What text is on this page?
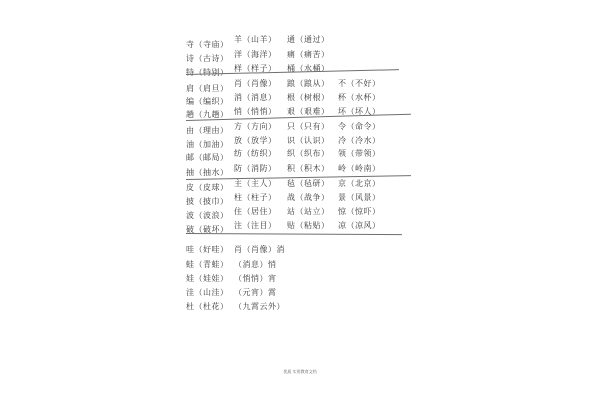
寺（寺庙）
诗（古诗）
特（特别）
肩（肩旦）
编（编织）
趟（九趟）
由（理由）
油（加油）
邮（邮局）
抽（抽水）
皮（皮球）
披（披巾）
波（波浪）
破（破坏）
羊（山羊）
洋（海洋）
样（样子）
肖（肖像）
消（消息）
悄（悄悄）
方（方向）
放（放学）
纺（纺织）
防（消防）
主（主人）
柱（柱子）
住（居住）
注（注目）
通（通过）
痛（痛苦）
桶（水桶）
踉（踉从）
根（树根）
艰（艰难）
只（只有）
识（认识）
织（织布）
积（积木）
毡（毡研）
战（战争）
站（站立）
贴（粘贴）
不（不好）
杯（水杯）
坏（坏人）
令（命令）
冷（冷水）
领（带领）
岭（岭南）
京（北京）
景（风景）
惊（惊吓）
凉（凉风）
哇（好哇）
蛙（青蛙）
娃（娃娃）
洼（山洼）
杜（杜花）
肖（肖像）消
（消息）悄
（悄悄）宵
（元宵）霄
（九霄云外）
优质 实用教育文档
